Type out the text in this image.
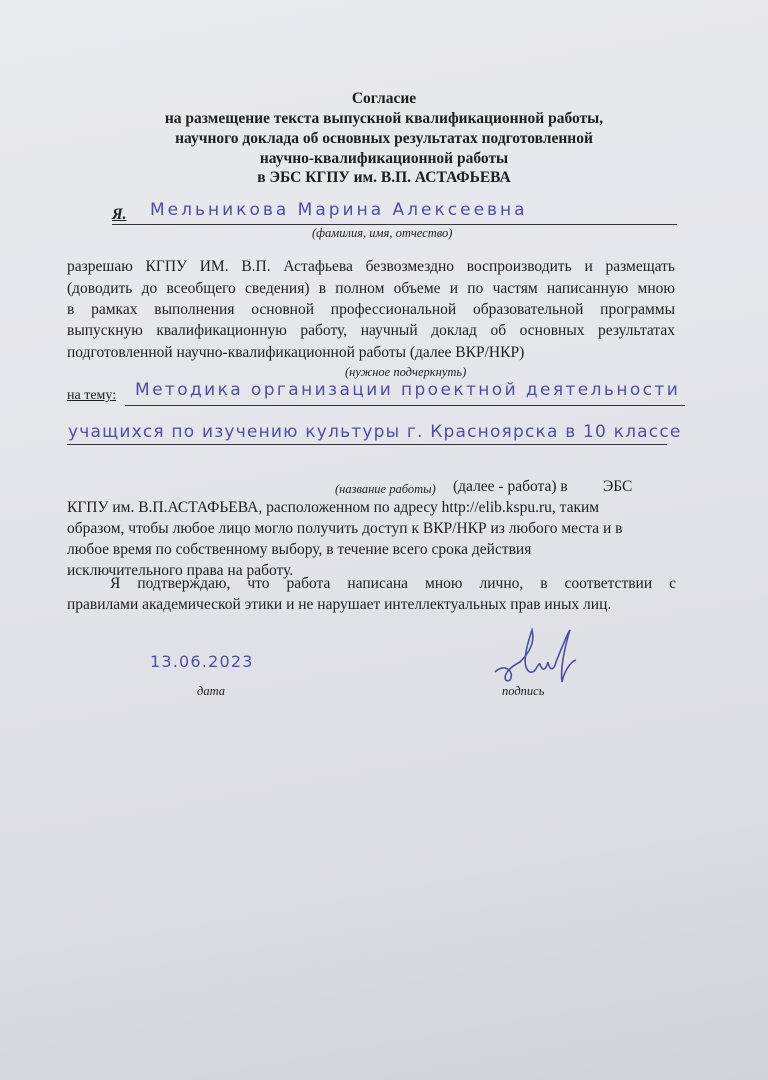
Согласие
на размещение текста выпускной квалификационной работы,
научного доклада об основных результатах подготовленной
научно-квалификационной работы
в ЭБС КГПУ им. В.П. АСТАФЬЕВА
Я. Мельникова Марина Алексеевна
(фамилия, имя, отчество)
разрешаю КГПУ ИМ. В.П. Астафьева безвозмездно воспроизводить и размещать
(доводить до всеобщего сведения) в полном объеме и по частям написанную мною
в рамках выполнения основной профессиональной образовательной программы
выпускную квалификационную работу, научный доклад об основных результатах
подготовленной научно-квалификационной работы (далее ВКР/НКР)
(нужное подчеркнуть)
на тему: Методика организации проектной деятельности
учащихся по изучению культуры г. Красноярска в 10 классе
(название работы) (далее - работа) в ЭБС
КГПУ им. В.П.АСТАФЬЕВА, расположенном по адресу http://elib.kspu.ru, таким
образом, чтобы любое лицо могло получить доступ к ВКР/НКР из любого места и в
любое время по собственному выбору, в течение всего срока действия
исключительного права на работу.
Я подтверждаю, что работа написана мною лично, в соответствии с
правилами академической этики и не нарушает интеллектуальных прав иных лиц.
13.06.2023
дата	подпись
